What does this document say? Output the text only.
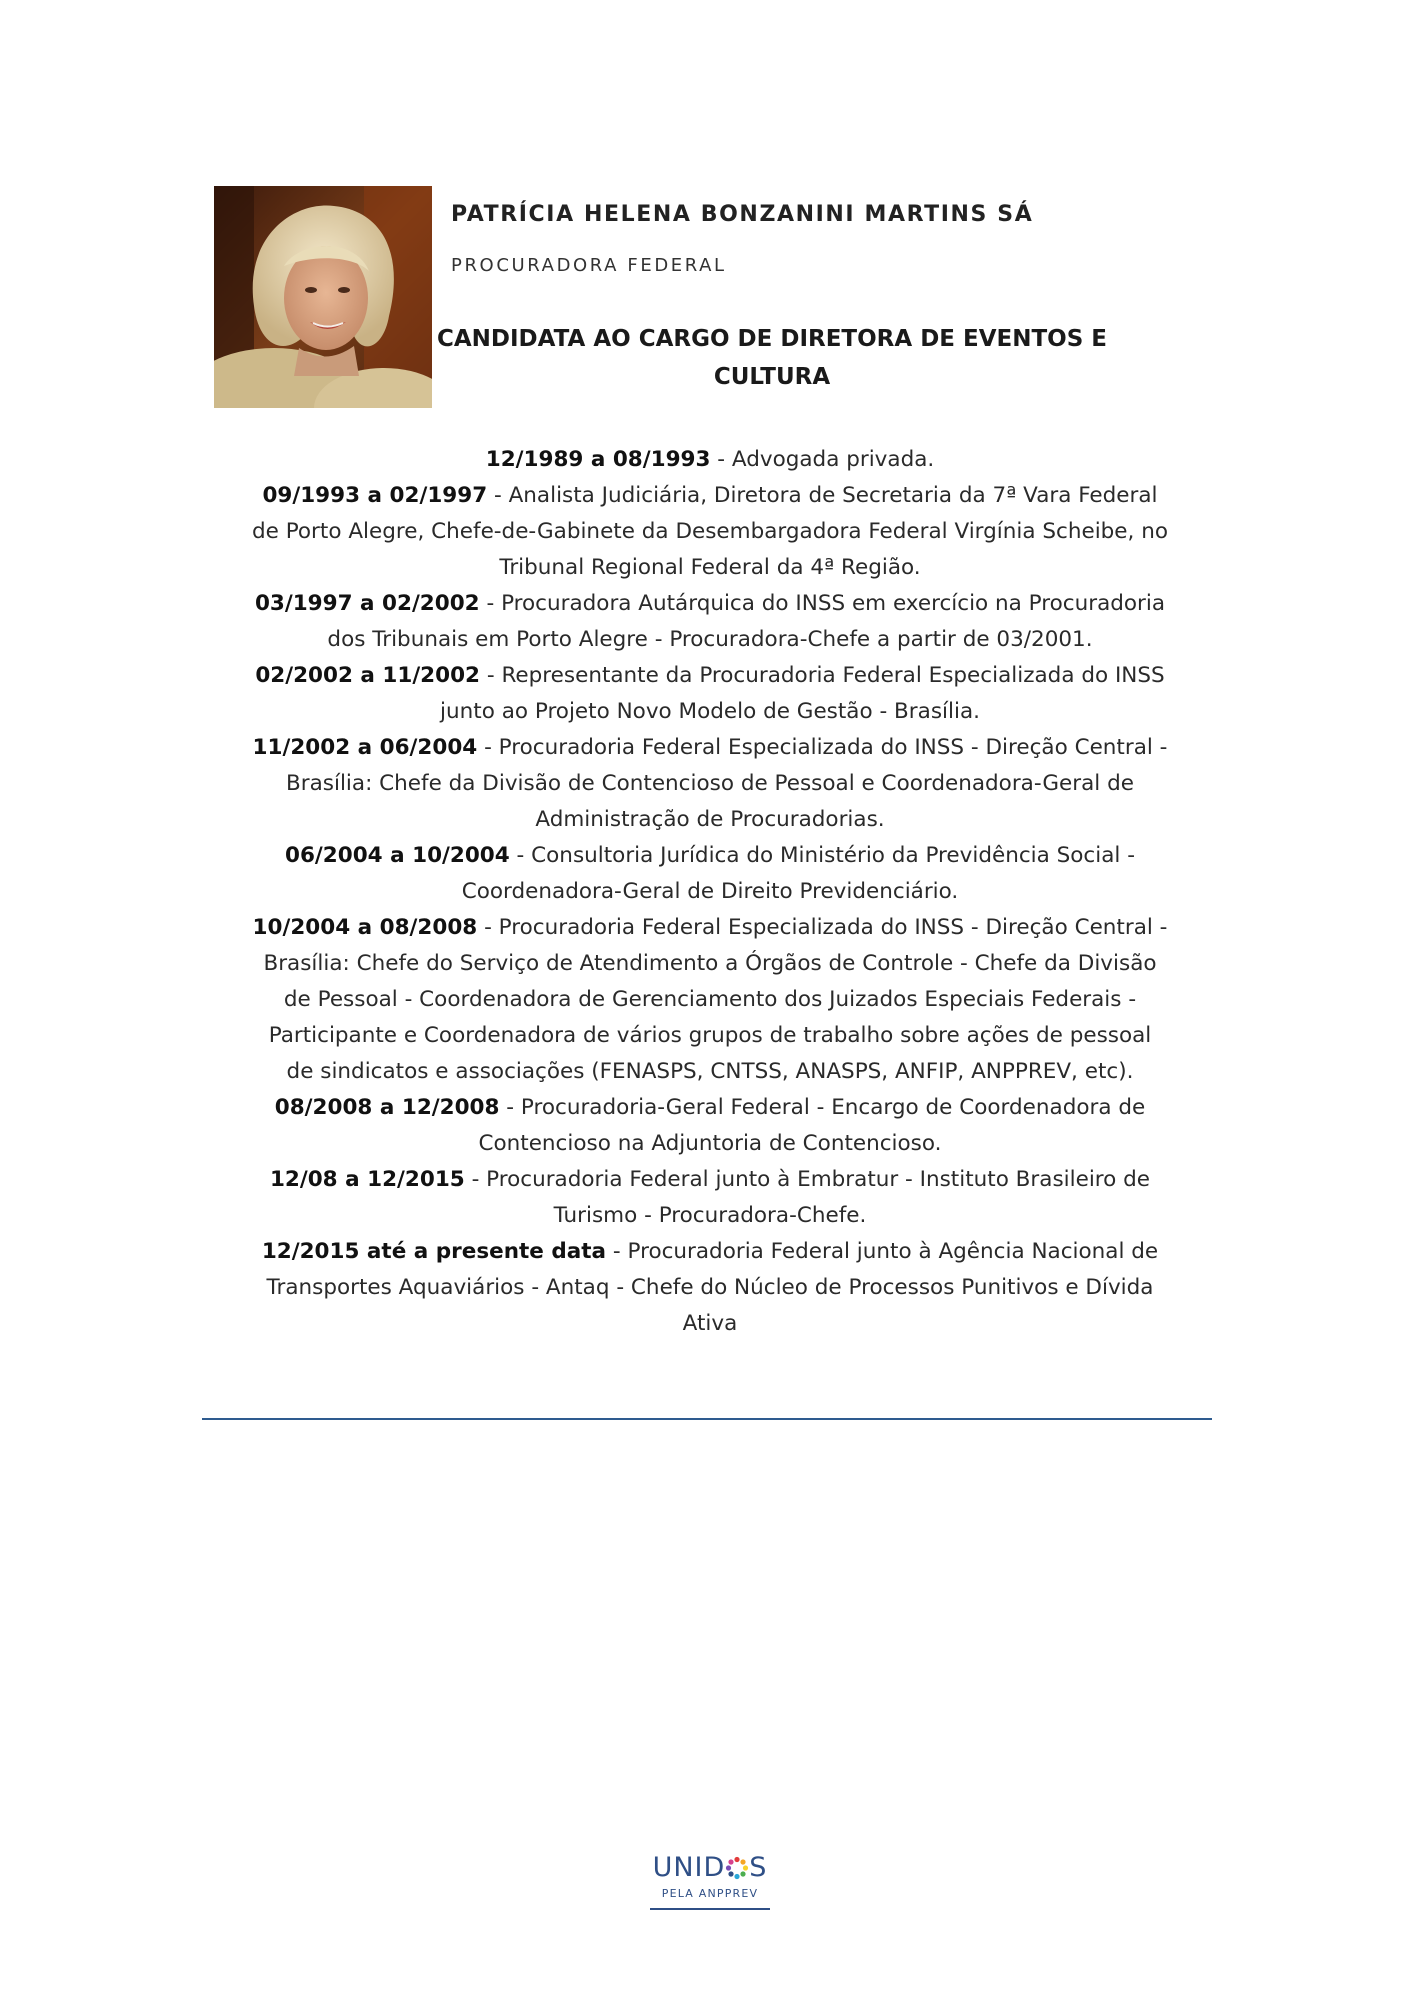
PATRÍCIA HELENA BONZANINI MARTINS SÁ
PROCURADORA FEDERAL
CANDIDATA AO CARGO DE DIRETORA DE EVENTOS E CULTURA

12/1989 a 08/1993 - Advogada privada.

09/1993 a 02/1997 - Analista Judiciária, Diretora de Secretaria da 7ª Vara Federal de Porto Alegre, Chefe-de-Gabinete da Desembargadora Federal Virgínia Scheibe, no Tribunal Regional Federal da 4ª Região.

03/1997 a 02/2002 - Procuradora Autárquica do INSS em exercício na Procuradoria dos Tribunais em Porto Alegre - Procuradora-Chefe a partir de 03/2001.

02/2002 a 11/2002 - Representante da Procuradoria Federal Especializada do INSS junto ao Projeto Novo Modelo de Gestão - Brasília.

11/2002 a 06/2004 - Procuradoria Federal Especializada do INSS - Direção Central - Brasília: Chefe da Divisão de Contencioso de Pessoal e Coordenadora-Geral de Administração de Procuradorias.

06/2004 a 10/2004 - Consultoria Jurídica do Ministério da Previdência Social - Coordenadora-Geral de Direito Previdenciário.

10/2004 a 08/2008 - Procuradoria Federal Especializada do INSS - Direção Central - Brasília: Chefe do Serviço de Atendimento a Órgãos de Controle - Chefe da Divisão de Pessoal - Coordenadora de Gerenciamento dos Juizados Especiais Federais - Participante e Coordenadora de vários grupos de trabalho sobre ações de pessoal de sindicatos e associações (FENASPS, CNTSS, ANASPS, ANFIP, ANPPREV, etc).

08/2008 a 12/2008 - Procuradoria-Geral Federal - Encargo de Coordenadora de Contencioso na Adjuntoria de Contencioso.

12/08 a 12/2015 - Procuradoria Federal junto à Embratur - Instituto Brasileiro de Turismo - Procuradora-Chefe.

12/2015 até a presente data - Procuradoria Federal junto à Agência Nacional de Transportes Aquaviários - Antaq - Chefe do Núcleo de Processos Punitivos e Dívida Ativa

UNID S
PELA ANPPREV
